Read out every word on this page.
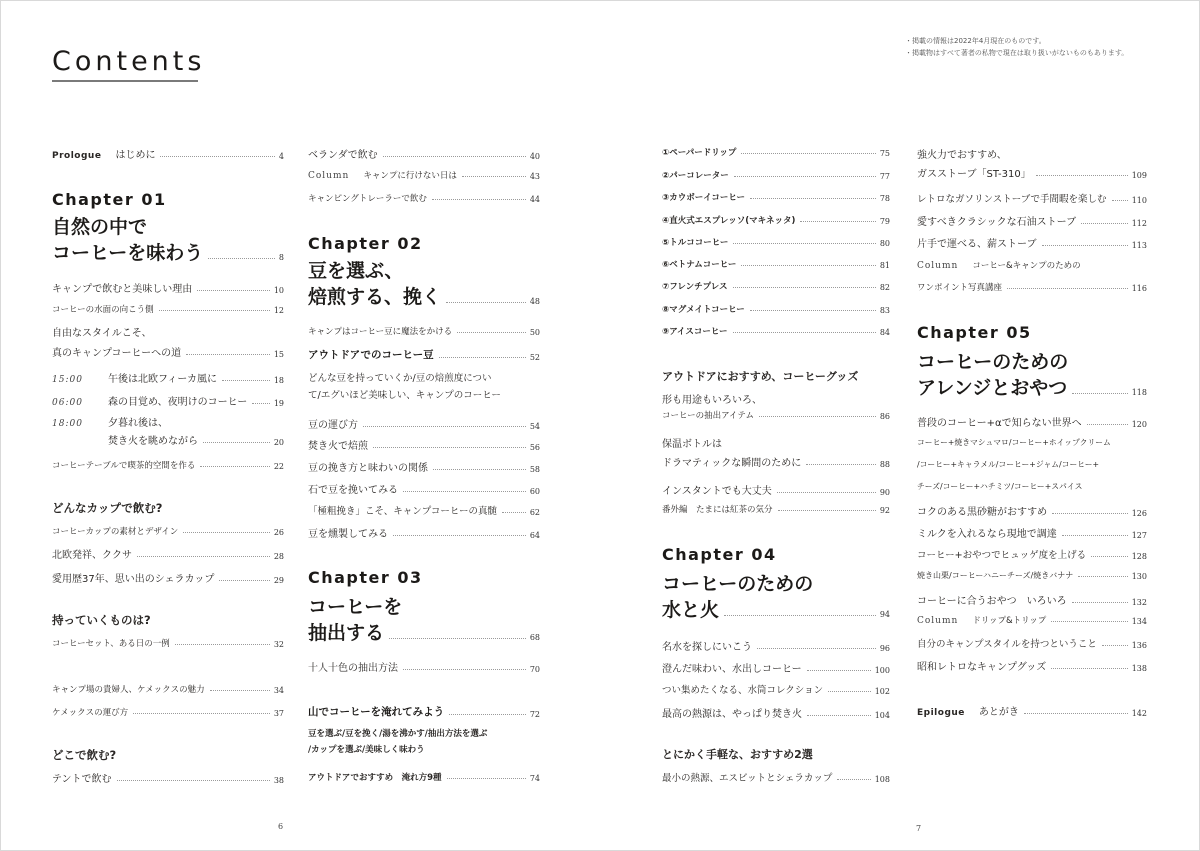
Contents
・掲載の情報は2022年4月現在のものです。
・掲載物はすべて著者の私物で現在は取り扱いがないものもあります。
Prologue はじめに	4
Chapter 01
自然の中で
コーヒーを味わう	8
キャンプで飲むと美味しい理由	10
コーヒーの水面の向こう側	12
自由なスタイルこそ、
真のキャンプコーヒーへの道	15
15:00	午後は北欧フィーカ風に	18
06:00	森の目覚め、夜明けのコーヒー	19
18:00	夕暮れ後は、
焚き火を眺めながら	20
コーヒーテーブルで喫茶的空間を作る	22
どんなカップで飲む?
コーヒーカップの素材とデザイン	26
北欧発祥、ククサ	28
愛用歴37年、思い出のシェラカップ	29
持っていくものは?
コーヒーセット、ある日の一例	32
キャンプ場の貴婦人、ケメックスの魅力	34
ケメックスの運び方	37
どこで飲む?
テントで飲む	38
ベランダで飲む	40
Column キャンプに行けない日は	43
キャンピングトレーラーで飲む	44
Chapter 02
豆を選ぶ、
焙煎する、挽く	48
キャンプはコーヒー豆に魔法をかける	50
アウトドアでのコーヒー豆	52
どんな豆を持っていくか/豆の焙煎度につい
て/エグいほど美味しい、キャンプのコーヒー
豆の運び方	54
焚き火で焙煎	56
豆の挽き方と味わいの関係	58
石で豆を挽いてみる	60
「極粗挽き」こそ、キャンプコーヒーの真髄	62
豆を燻製してみる	64
Chapter 03
コーヒーを
抽出する	68
十人十色の抽出方法	70
山でコーヒーを淹れてみよう	72
豆を選ぶ/豆を挽く/湯を沸かす/抽出方法を選ぶ
/カップを選ぶ/美味しく味わう
アウトドアでおすすめ　淹れ方9種	74
①ペーパードリップ	75
②パーコレーター	77
③カウボーイコーヒー	78
④直火式エスプレッソ(マキネッタ)	79
⑤トルココーヒー	80
⑥ベトナムコーヒー	81
⑦フレンチプレス	82
⑧マグメイトコーヒー	83
⑨アイスコーヒー	84
アウトドアにおすすめ、コーヒーグッズ
形も用途もいろいろ、
コーヒーの抽出アイテム	86
保温ボトルは
ドラマティックな瞬間のために	88
インスタントでも大丈夫	90
番外編　たまには紅茶の気分	92
Chapter 04
コーヒーのための
水と火	94
名水を探しにいこう	96
澄んだ味わい、水出しコーヒー	100
つい集めたくなる、水筒コレクション	102
最高の熱源は、やっぱり焚き火	104
とにかく手軽な、おすすめ2選
最小の熱源、エスビットとシェラカップ	108
強火力でおすすめ、
ガスストーブ「ST-310」	109
レトロなガソリンストーブで手間暇を楽しむ	110
愛すべきクラシックな石油ストーブ	112
片手で運べる、薪ストーブ	113
Column コーヒー&キャンプのための
ワンポイント写真講座	116
Chapter 05
コーヒーのための
アレンジとおやつ	118
普段のコーヒー+αで知らない世界へ	120
コーヒー+焼きマシュマロ/コーヒー+ホイップクリーム
/コーヒー+キャラメル/コーヒー+ジャム/コーヒー+
チーズ/コーヒー+ハチミツ/コーヒー+スパイス
コクのある黒砂糖がおすすめ	126
ミルクを入れるなら現地で調達	127
コーヒー+おやつでヒュッゲ度を上げる	128
焼き山栗/コーヒーハニーチーズ/焼きバナナ	130
コーヒーに合うおやつ　いろいろ	132
Column ドリップ&トリップ	134
自分のキャンプスタイルを持つということ	136
昭和レトロなキャンプグッズ	138
Epilogue あとがき	142
6	7
